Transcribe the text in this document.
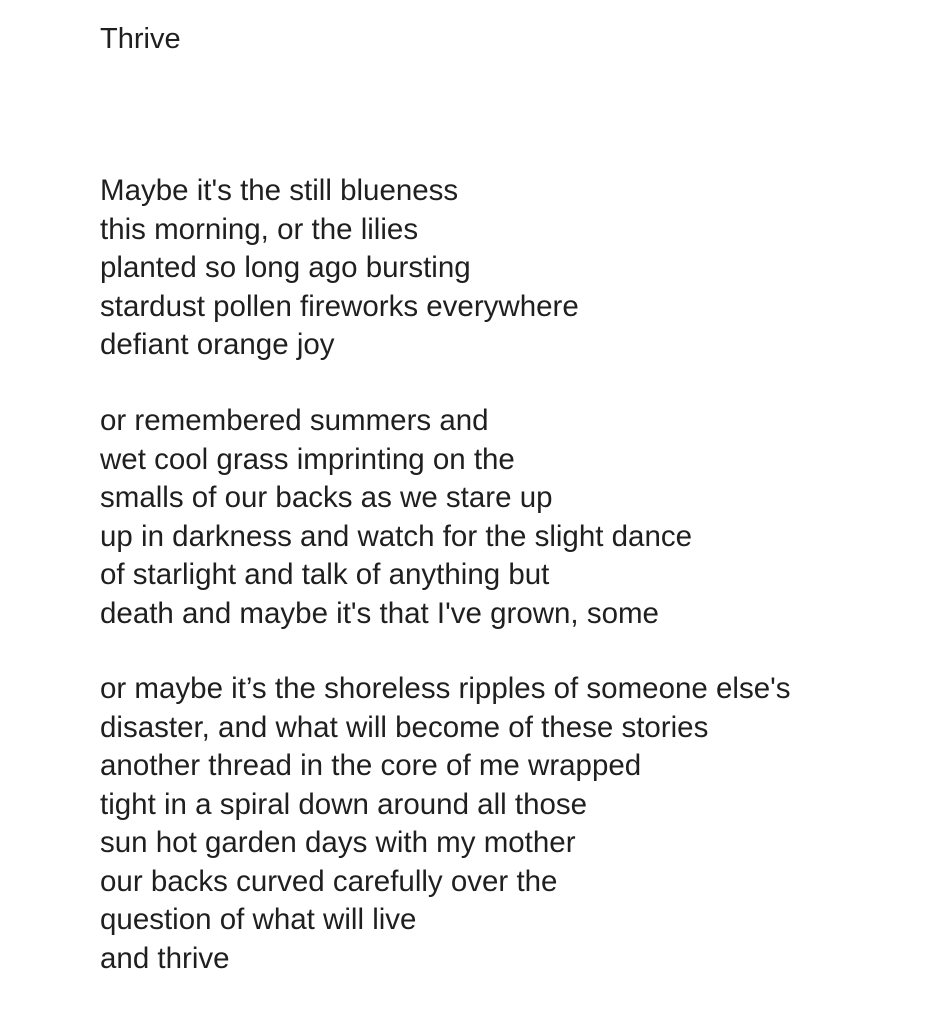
Thrive
Maybe it's the still blueness
this morning, or the lilies
planted so long ago bursting
stardust pollen fireworks everywhere
defiant orange joy
or remembered summers and
wet cool grass imprinting on the
smalls of our backs as we stare up
up in darkness and watch for the slight dance
of starlight and talk of anything but
death and maybe it's that I've grown, some
or maybe it’s the shoreless ripples of someone else's
disaster, and what will become of these stories
another thread in the core of me wrapped
tight in a spiral down around all those
sun hot garden days with my mother
our backs curved carefully over the
question of what will live
and thrive
